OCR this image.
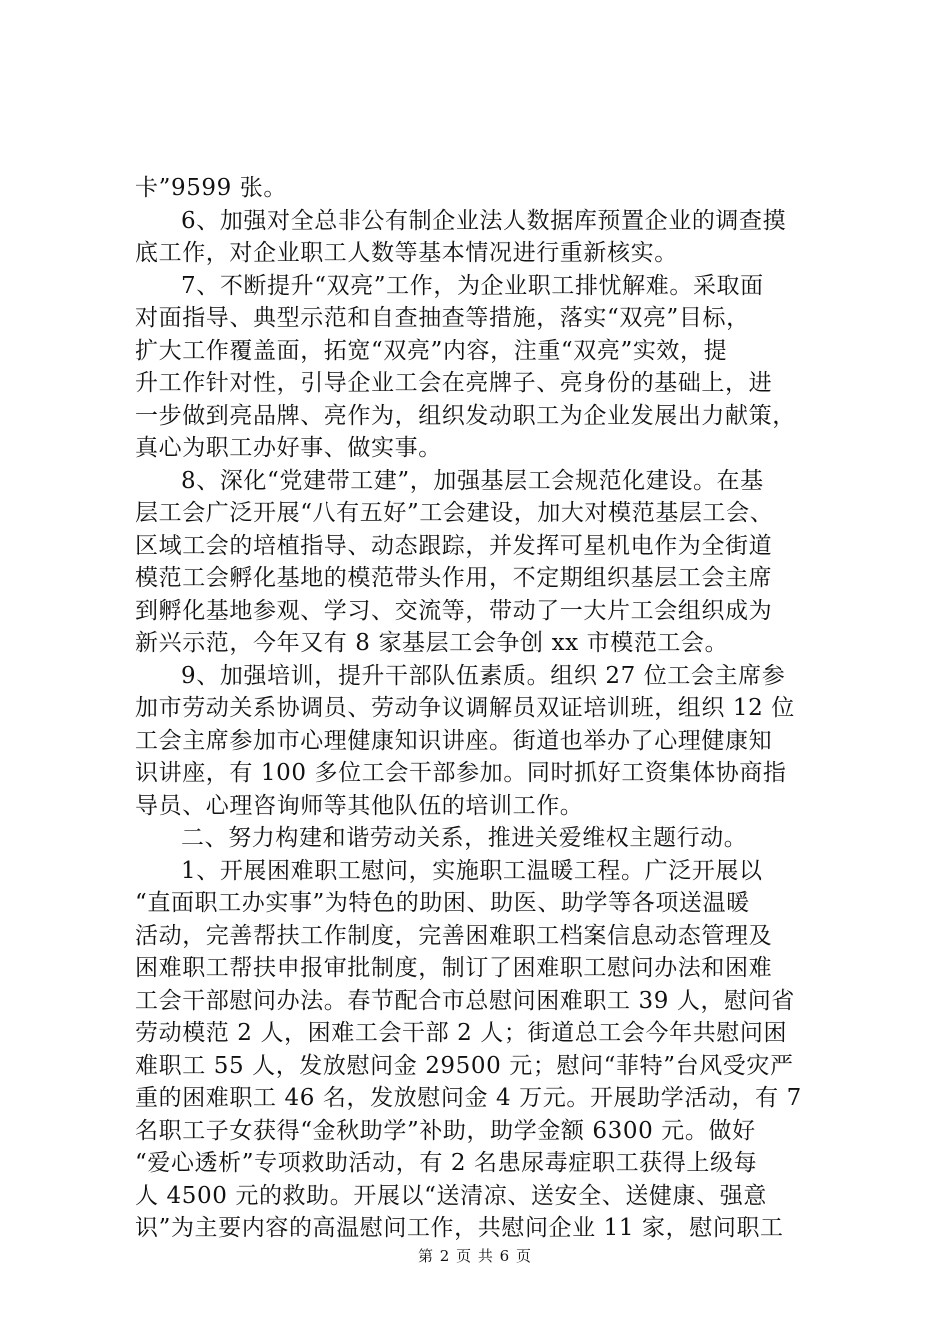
卡”9599 张。
6、加强对全总非公有制企业法人数据库预置企业的调查摸
底工作，对企业职工人数等基本情况进行重新核实。
7、不断提升“双亮”工作，为企业职工排忧解难。采取面
对面指导、典型示范和自查抽查等措施，落实“双亮”目标，
扩大工作覆盖面，拓宽“双亮”内容，注重“双亮”实效，提
升工作针对性，引导企业工会在亮牌子、亮身份的基础上，进
一步做到亮品牌、亮作为，组织发动职工为企业发展出力献策，
真心为职工办好事、做实事。
8、深化“党建带工建”，加强基层工会规范化建设。在基
层工会广泛开展“八有五好”工会建设，加大对模范基层工会、
区域工会的培植指导、动态跟踪，并发挥可星机电作为全街道
模范工会孵化基地的模范带头作用，不定期组织基层工会主席
到孵化基地参观、学习、交流等，带动了一大片工会组织成为
新兴示范，今年又有 8 家基层工会争创 xx 市模范工会。
9、加强培训，提升干部队伍素质。组织 27 位工会主席参
加市劳动关系协调员、劳动争议调解员双证培训班，组织 12 位
工会主席参加市心理健康知识讲座。街道也举办了心理健康知
识讲座，有 100 多位工会干部参加。同时抓好工资集体协商指
导员、心理咨询师等其他队伍的培训工作。
二、努力构建和谐劳动关系，推进关爱维权主题行动。
1、开展困难职工慰问，实施职工温暖工程。广泛开展以
“直面职工办实事”为特色的助困、助医、助学等各项送温暖
活动，完善帮扶工作制度，完善困难职工档案信息动态管理及
困难职工帮扶申报审批制度，制订了困难职工慰问办法和困难
工会干部慰问办法。春节配合市总慰问困难职工 39 人，慰问省
劳动模范 2 人，困难工会干部 2 人；街道总工会今年共慰问困
难职工 55 人，发放慰问金 29500 元；慰问“菲特”台风受灾严
重的困难职工 46 名，发放慰问金 4 万元。开展助学活动，有 7
名职工子女获得“金秋助学”补助，助学金额 6300 元。做好
“爱心透析”专项救助活动，有 2 名患尿毒症职工获得上级每
第 2 页 共 6 页
人 4500 元的救助。开展以“送清凉、送安全、送健康、强意
识”为主要内容的高温慰问工作，共慰问企业 11 家，慰问职工
